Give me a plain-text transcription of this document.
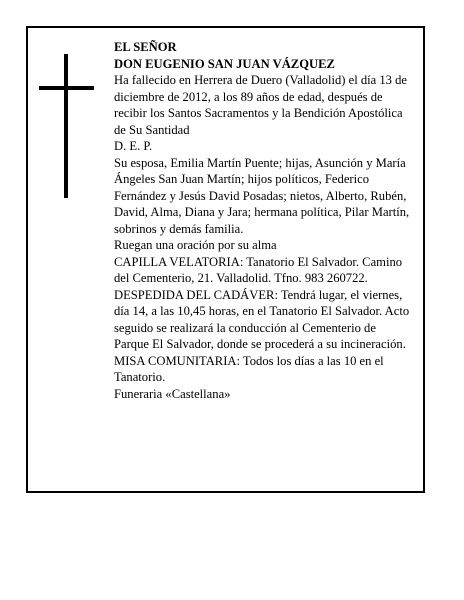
EL SEÑOR

DON EUGENIO SAN JUAN VÁZQUEZ

Ha fallecido en Herrera de Duero (Valladolid) el día 13 de diciembre de 2012, a los 89 años de edad, después de recibir los Santos Sacramentos y la Bendición Apostólica de Su Santidad

D. E. P.

Su esposa, Emilia Martín Puente; hijas, Asunción y María Ángeles San Juan Martín; hijos políticos, Federico Fernández y Jesús David Posadas; nietos, Alberto, Rubén, David, Alma, Diana y Jara; hermana política, Pilar Martín, sobrinos y demás familia.

Ruegan una oración por su alma

CAPILLA VELATORIA: Tanatorio El Salvador. Camino del Cementerio, 21. Valladolid. Tfno. 983 260722.

DESPEDIDA DEL CADÁVER: Tendrá lugar, el viernes, día 14, a las 10,45 horas, en el Tanatorio El Salvador. Acto seguido se realizará la conducción al Cementerio de Parque El Salvador, donde se procederá a su incineración.

MISA COMUNITARIA: Todos los días a las 10 en el Tanatorio.

Funeraria «Castellana»
